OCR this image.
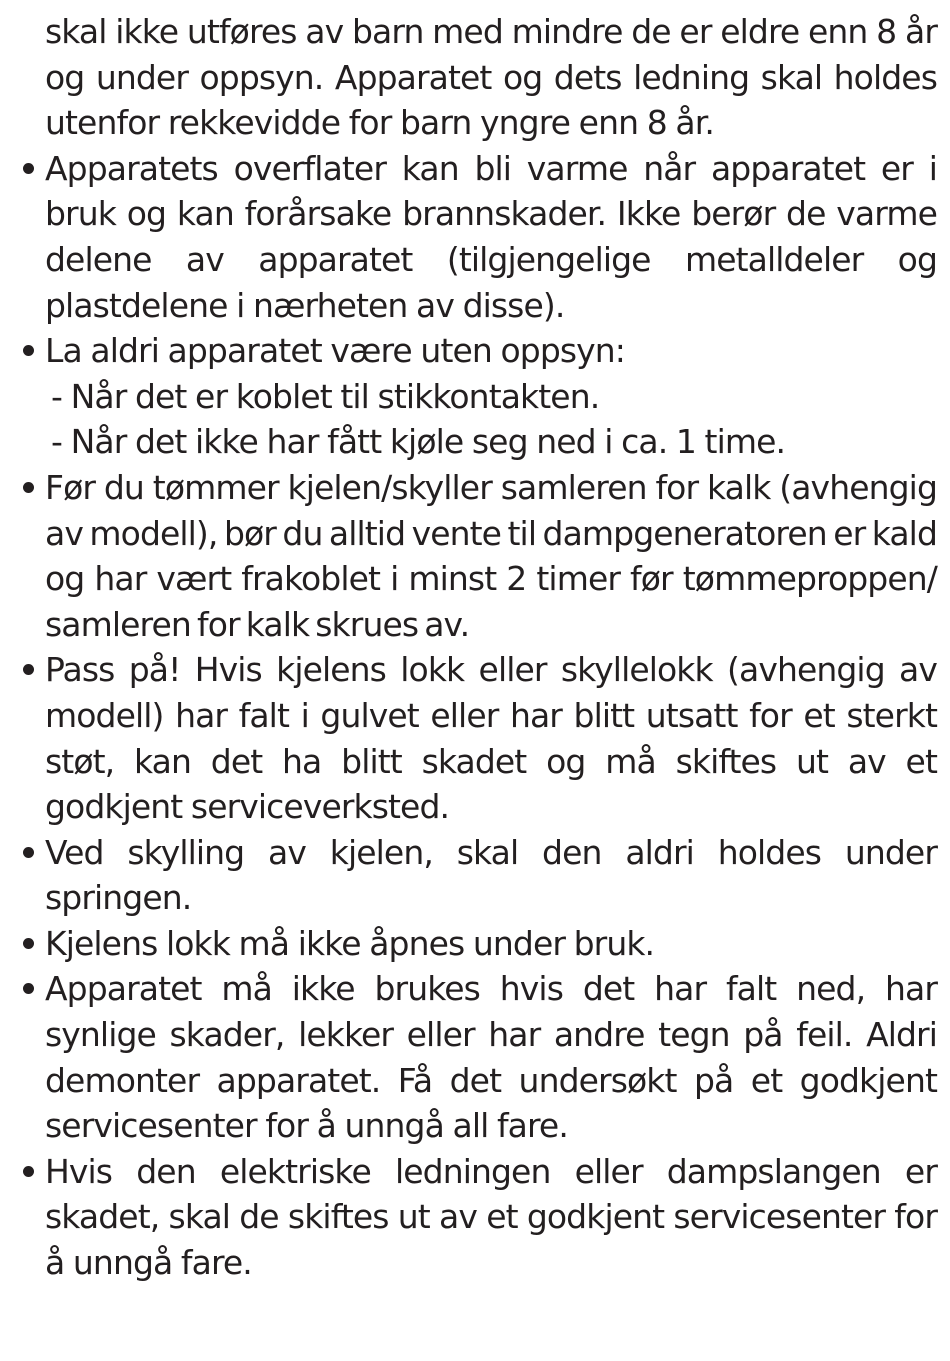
skal ikke utføres av barn med mindre de er eldre enn 8 år og under oppsyn. Apparatet og dets ledning skal holdes utenfor rekkevidde for barn yngre enn 8 år.

Apparatets overflater kan bli varme når apparatet er i bruk og kan forårsake brannskader. Ikke berør de varme delene av apparatet (tilgjengelige metalldeler og plastdelene i nærheten av disse).

La aldri apparatet være uten oppsyn:
- Når det er koblet til stikkontakten.
- Når det ikke har fått kjøle seg ned i ca. 1 time.

Før du tømmer kjelen/skyller samleren for kalk (avhengig av modell), bør du alltid vente til dampgeneratoren er kald og har vært frakoblet i minst 2 timer før tømmeproppen/ samleren for kalk skrues av.

Pass på! Hvis kjelens lokk eller skyllelokk (avhengig av modell) har falt i gulvet eller har blitt utsatt for et sterkt støt, kan det ha blitt skadet og må skiftes ut av et godkjent serviceverksted.

Ved skylling av kjelen, skal den aldri holdes under springen.

Kjelens lokk må ikke åpnes under bruk.

Apparatet må ikke brukes hvis det har falt ned, har synlige skader, lekker eller har andre tegn på feil. Aldri demonter apparatet. Få det undersøkt på et godkjent servicesenter for å unngå all fare.

Hvis den elektriske ledningen eller dampslangen er skadet, skal de skiftes ut av et godkjent servicesenter for å unngå fare.
